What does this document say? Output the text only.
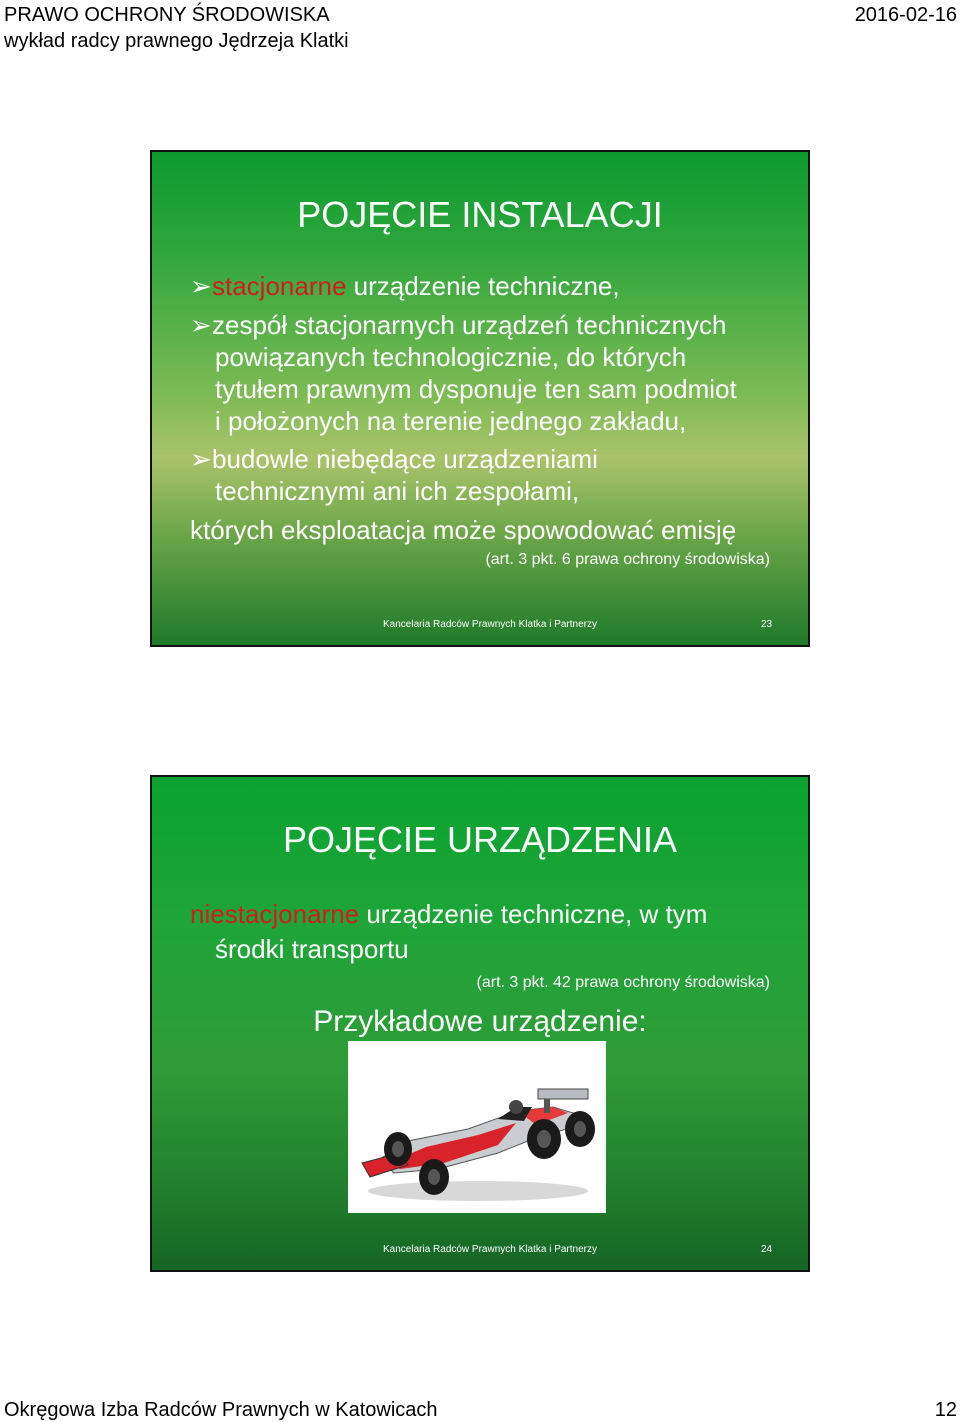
PRAWO OCHRONY ŚRODOWISKA
wykład radcy prawnego Jędrzeja Klatki
2016-02-16
POJĘCIE INSTALACJI
➢stacjonarne urządzenie techniczne,
➢zespół stacjonarnych urządzeń technicznych
powiązanych technologicznie, do których
tytułem prawnym dysponuje ten sam podmiot
i położonych na terenie jednego zakładu,
➢budowle niebędące urządzeniami
technicznymi ani ich zespołami,
których eksploatacja może spowodować emisję
(art. 3 pkt. 6 prawa ochrony środowiska)
Kancelaria Radców Prawnych Klatka i Partnerzy	23
POJĘCIE URZĄDZENIA
niestacjonarne urządzenie techniczne, w tym
środki transportu
(art. 3 pkt. 42 prawa ochrony środowiska)
Przykładowe urządzenie:
Kancelaria Radców Prawnych Klatka i Partnerzy	24
Okręgowa Izba Radców Prawnych w Katowicach	12
